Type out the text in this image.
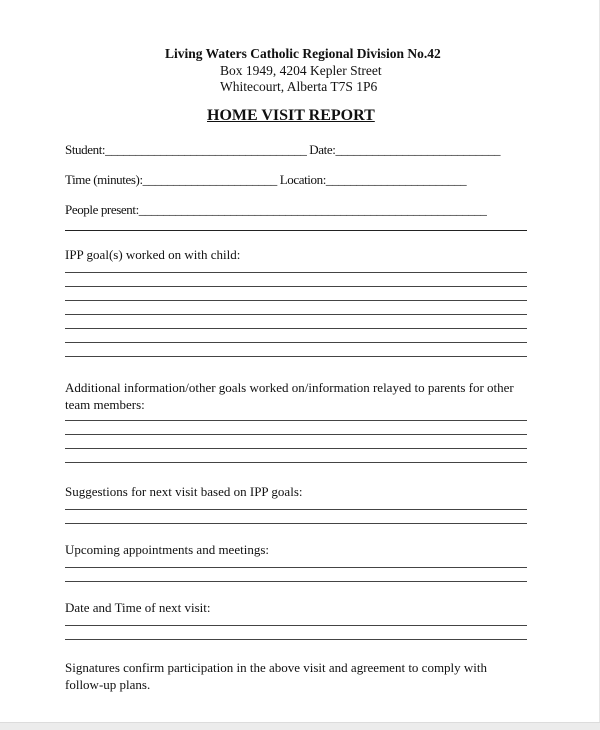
Living Waters Catholic Regional Division No.42
Box 1949, 4204 Kepler Street
Whitecourt, Alberta T7S 1P6
HOME VISIT REPORT
Student:_________________________________ Date:___________________________
Time (minutes):______________________ Location:_______________________
People present:_________________________________________________________
IPP goal(s) worked on with child:
Additional information/other goals worked on/information relayed to parents for other team members:
Suggestions for next visit based on IPP goals:
Upcoming appointments and meetings:
Date and Time of next visit:
Signatures confirm participation in the above visit and agreement to comply with follow-up plans.
